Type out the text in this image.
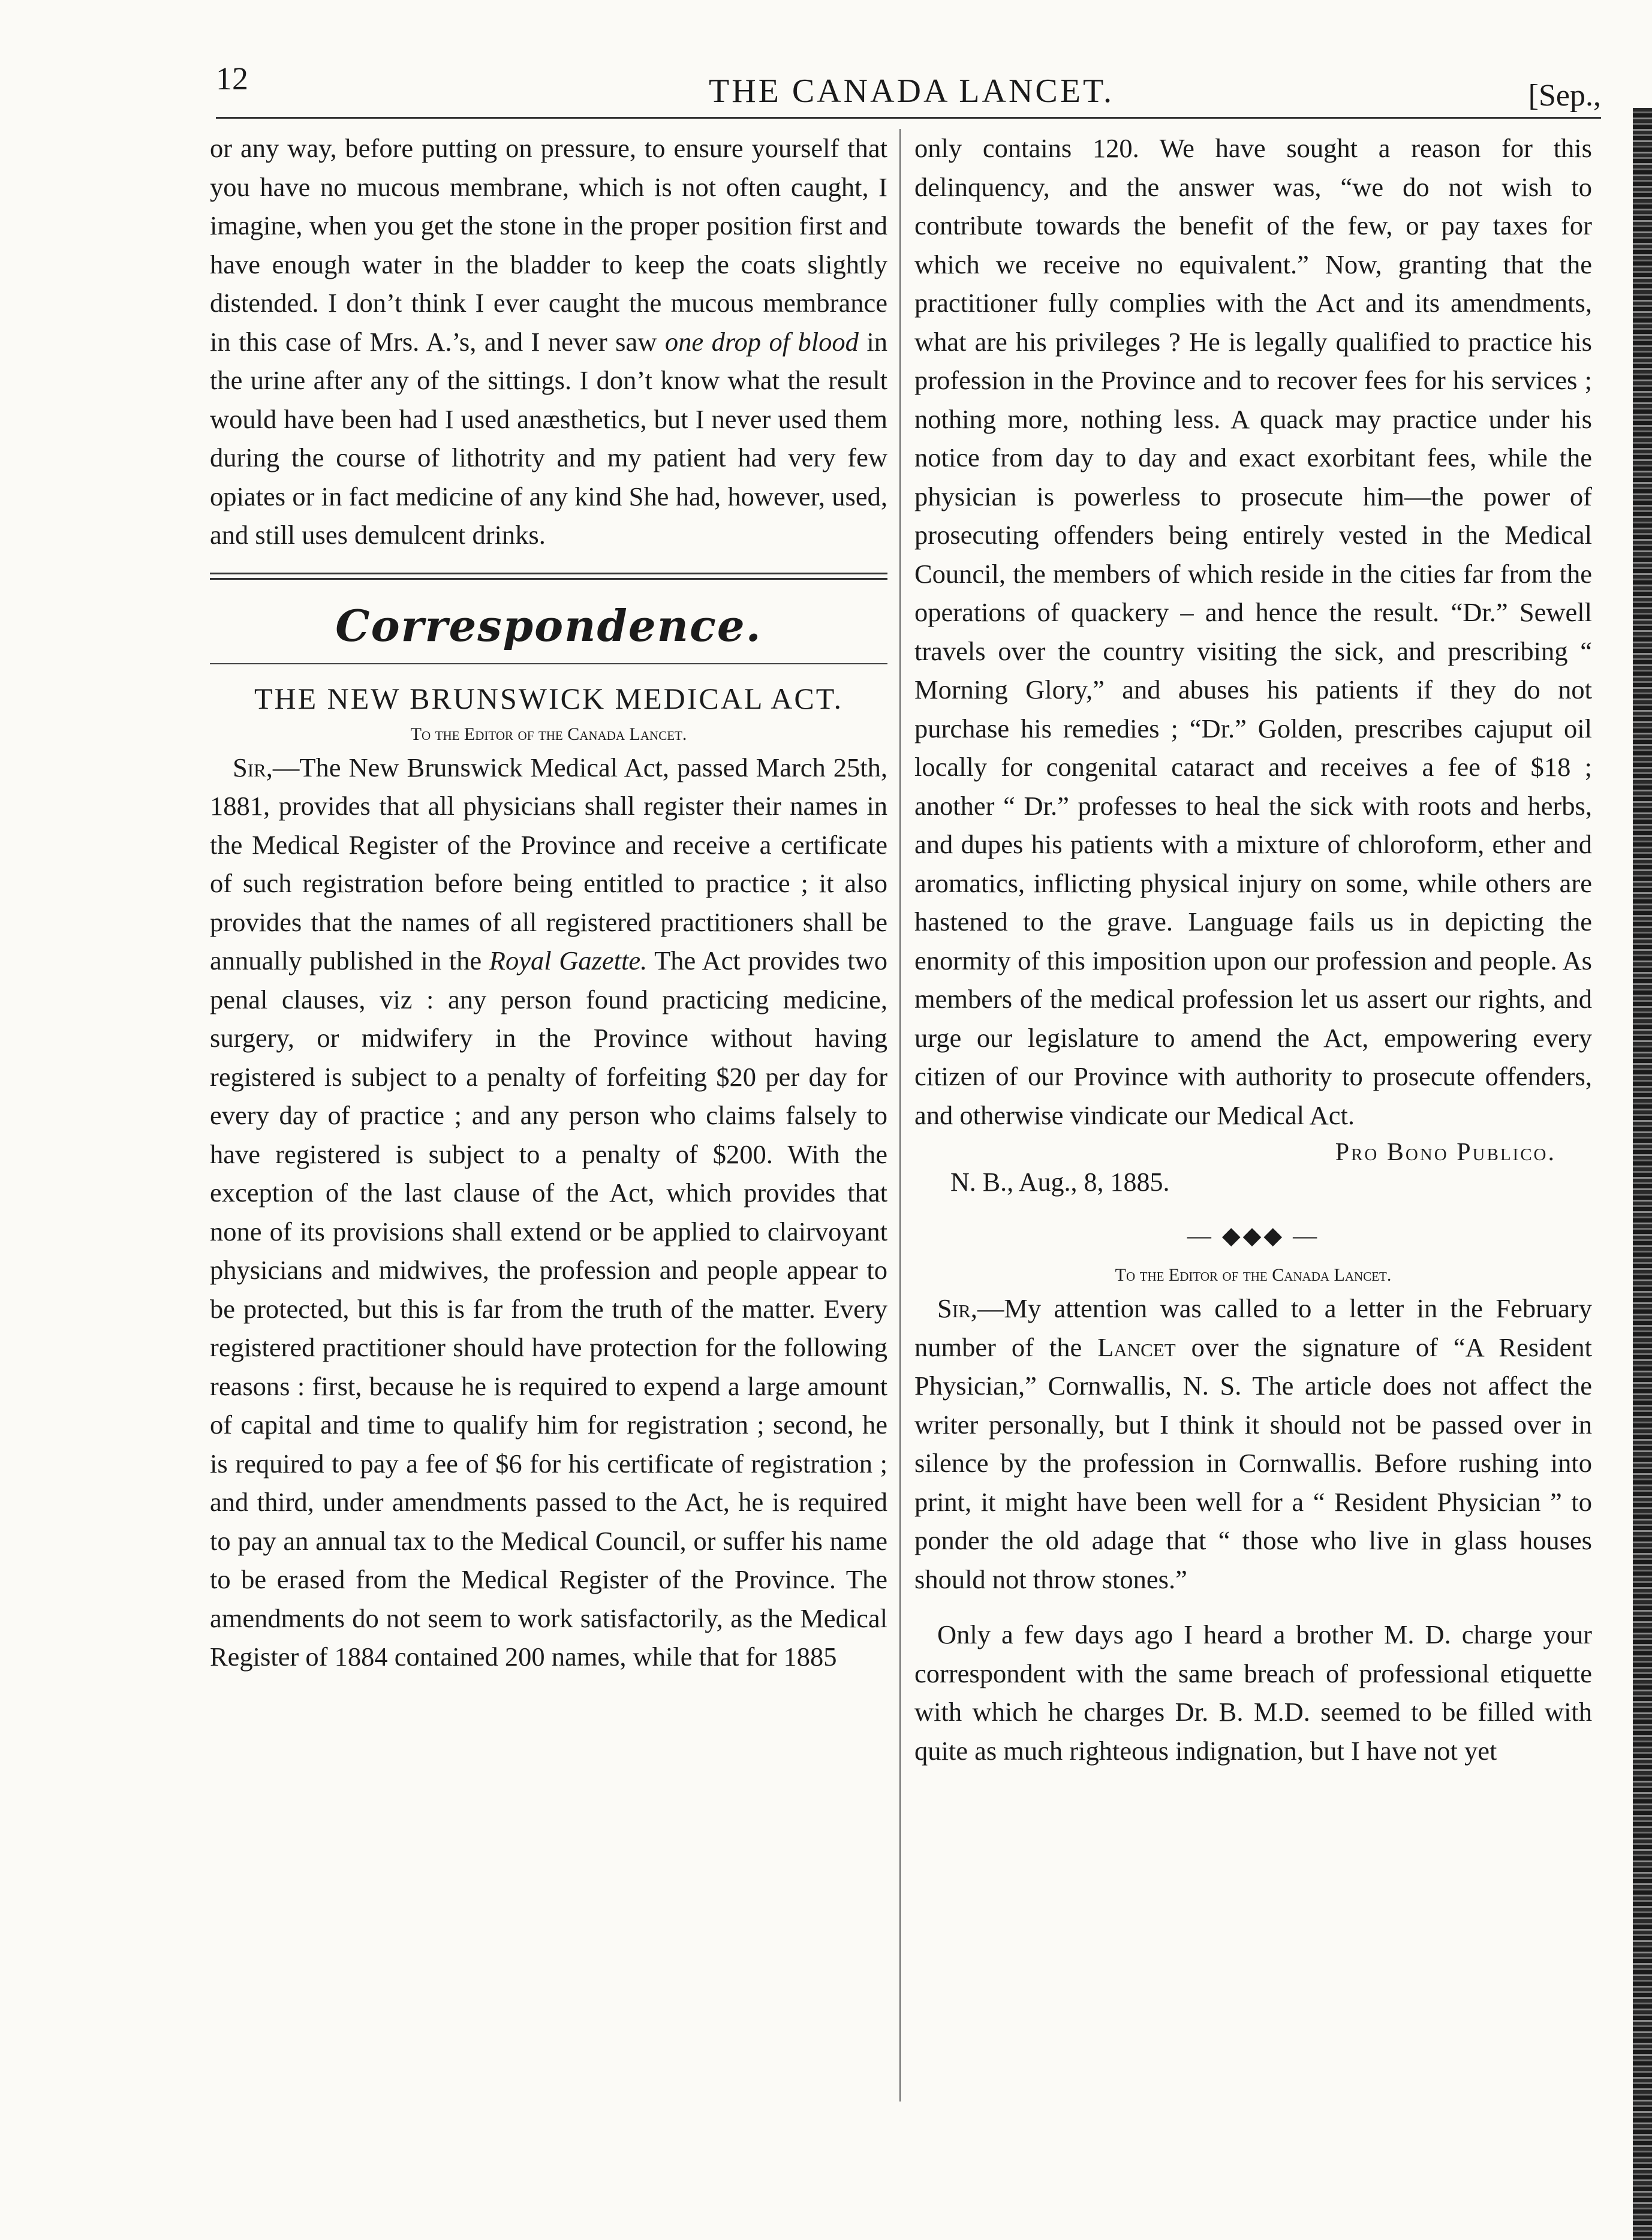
12	THE CANADA LANCET.	[Sep.,

or any way, before putting on pressure, to ensure yourself that you have no mucous membrane, which is not often caught, I imagine, when you get the stone in the proper position first and have enough water in the bladder to keep the coats slightly distended. I don’t think I ever caught the mucous membrance in this case of Mrs. A.’s, and I never saw one drop of blood in the urine after any of the sittings. I don’t know what the result would have been had I used anæsthetics, but I never used them during the course of lithotrity and my patient had very few opiates or in fact medicine of any kind She had, however, used, and still uses demulcent drinks.

Correspondence.
THE NEW BRUNSWICK MEDICAL ACT.
To the Editor of the Canada Lancet.

Sir,—The New Brunswick Medical Act, passed March 25th, 1881, provides that all physicians shall register their names in the Medical Register of the Province and receive a certificate of such registration before being entitled to practice ; it also provides that the names of all registered practitioners shall be annually published in the Royal Gazette. The Act provides two penal clauses, viz : any person found practicing medicine, surgery, or midwifery in the Province without having registered is subject to a penalty of forfeiting $20 per day for every day of practice ; and any person who claims falsely to have registered is subject to a penalty of $200. With the exception of the last clause of the Act, which provides that none of its provisions shall extend or be applied to clairvoyant physicians and midwives, the profession and people appear to be protected, but this is far from the truth of the matter. Every registered practitioner should have protection for the following reasons : first, because he is required to expend a large amount of capital and time to qualify him for registration ; second, he is required to pay a fee of $6 for his certificate of registration ; and third, under amendments passed to the Act, he is required to pay an annual tax to the Medical Council, or suffer his name to be erased from the Medical Register of the Province. The amendments do not seem to work satisfactorily, as the Medical Register of 1884 contained 200 names, while that for 1885

only contains 120. We have sought a reason for this delinquency, and the answer was, “we do not wish to contribute towards the benefit of the few, or pay taxes for which we receive no equivalent.” Now, granting that the practitioner fully complies with the Act and its amendments, what are his privileges ? He is legally qualified to practice his profession in the Province and to recover fees for his services ; nothing more, nothing less. A quack may practice under his notice from day to day and exact exorbitant fees, while the physician is powerless to prosecute him—the power of prosecuting offenders being entirely vested in the Medical Council, the members of which reside in the cities far from the operations of quackery – and hence the result. “Dr.” Sewell travels over the country visiting the sick, and prescribing “ Morning Glory,” and abuses his patients if they do not purchase his remedies ; “Dr.” Golden, prescribes cajuput oil locally for congenital cataract and receives a fee of $18 ; another “ Dr.” professes to heal the sick with roots and herbs, and dupes his patients with a mixture of chloroform, ether and aromatics, inflicting physical injury on some, while others are hastened to the grave. Language fails us in depicting the enormity of this imposition upon our profession and people. As members of the medical profession let us assert our rights, and urge our legislature to amend the Act, empowering every citizen of our Province with authority to prosecute offenders, and otherwise vindicate our Medical Act.

Pro Bono Publico.
N. B., Aug., 8, 1885.
— ◆◆◆ —
To the Editor of the Canada Lancet.

Sir,—My attention was called to a letter in the February number of the Lancet over the signature of “A Resident Physician,” Cornwallis, N. S. The article does not affect the writer personally, but I think it should not be passed over in silence by the profession in Cornwallis. Before rushing into print, it might have been well for a “ Resident Physician ” to ponder the old adage that “ those who live in glass houses should not throw stones.”

Only a few days ago I heard a brother M. D. charge your correspondent with the same breach of professional etiquette with which he charges Dr. B. M.D. seemed to be filled with quite as much righteous indignation, but I have not yet
